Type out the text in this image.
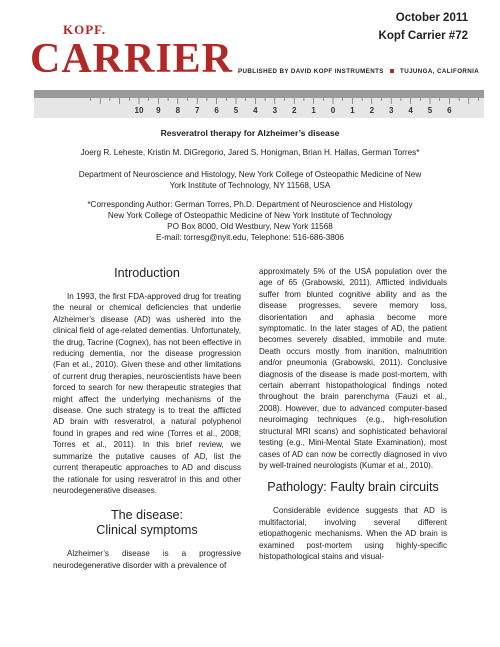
October 2011
Kopf Carrier #72
KOPF.
CARRIER PUBLISHED BY DAVID KOPF INSTRUMENTS	TUJUNGA, CALIFORNIA
10 9 8 7 6 5 4 3 2 1 0 1 2 3 4 5 6
Resveratrol therapy for Alzheimer’s disease
Joerg R. Leheste, Kristin M. DiGregorio, Jared S. Honigman, Brian H. Hallas, German Torres*
Department of Neuroscience and Histology, New York College of Osteopathic Medicine of New
York Institute of Technology, NY 11568, USA
*Corresponding Author: German Torres, Ph.D. Department of Neuroscience and Histology
New York College of Osteopathic Medicine of New York Institute of Technology
PO Box 8000, Old Westbury, New York 11568
E-mail: torresg@nyit.edu, Telephone: 516-686-3806
Introduction

In 1993, the first FDA-approved drug for treating the neural or chemical deficiencies that underlie Alzheimer’s disease (AD) was ushered into the clinical field of age-related dementias. Unfortunately, the drug, Tacrine (Cognex), has not been effective in reducing dementia, nor the disease progression (Fan et al., 2010). Given these and other limitations of current drug therapies, neuroscientists have been forced to search for new therapeutic strategies that might affect the underlying mechanisms of the disease. One such strategy is to treat the afflicted AD brain with resveratrol, a natural polyphenol found in grapes and red wine (Torres et al., 2008; Torres et al., 2011). In this brief review, we summarize the putative causes of AD, list the current therapeutic approaches to AD and discuss the rationale for using resveratrol in this and other neurodegenerative diseases.

The disease:
Clinical symptoms

Alzheimer’s disease is a progressive neurodegenerative disorder with a prevalence of

approximately 5% of the USA population over the age of 65 (Grabowski, 2011). Afflicted individuals suffer from blunted cognitive ability and as the disease progresses, severe memory loss, disorientation and aphasia become more symptomatic. In the later stages of AD, the patient becomes severely disabled, immobile and mute. Death occurs mostly from inanition, malnutrition and/or pneumonia (Grabowski, 2011). Conclusive diagnosis of the disease is made post-mortem, with certain aberrant histopathological findings noted throughout the brain parenchyma (Fauzi et al., 2008). However, due to advanced computer-based neuroimaging techniques (e.g., high-resolution structural MRI scans) and sophisticated behavioral testing (e.g., Mini-Mental State Examination), most cases of AD can now be correctly diagnosed in vivo by well-trained neurologists (Kumar et al., 2010).

Pathology: Faulty brain circuits

Considerable evidence suggests that AD is multifactorial, involving several different etiopathogenic mechanisms. When the AD brain is examined post-mortem using highly-specific histopathological stains and visual-
